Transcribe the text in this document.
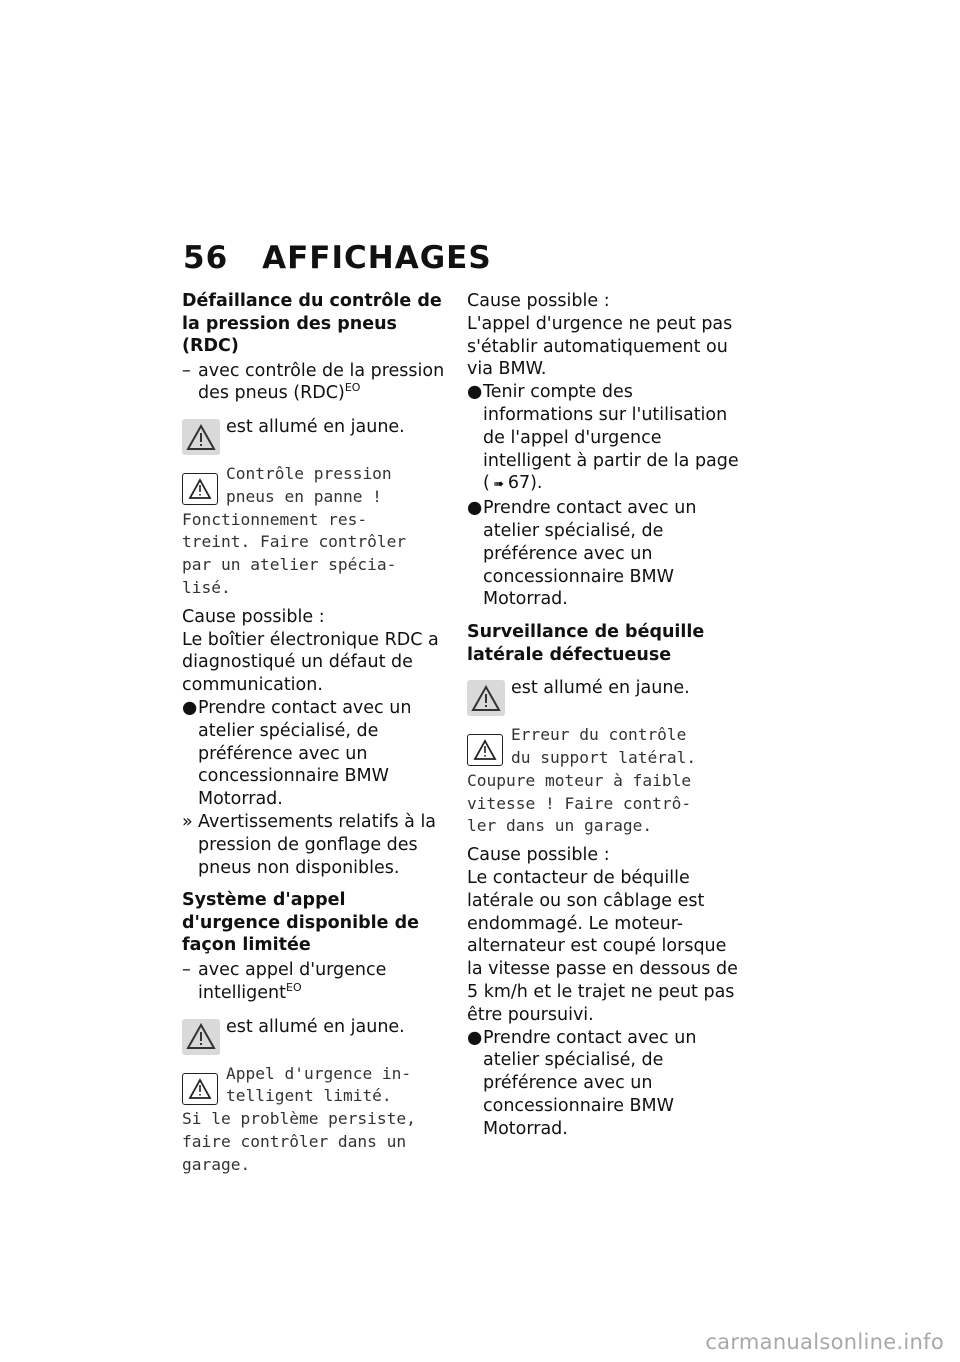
56 AFFICHAGES
Défaillance du contrôle de la pression des pneus (RDC)
– avec contrôle de la pression des pneus (RDC)$^{EO}$
est allumé en jaune.
Contrôle pression
pneus en panne !
Fonctionnement res-
treint. Faire contrôler
par un atelier spécia-
lisé.
Cause possible :
Le boîtier électronique RDC a diagnostiqué un défaut de communication.
● Prendre contact avec un atelier spécialisé, de préférence avec un concessionnaire BMW Motorrad.
» Avertissements relatifs à la pression de gonflage des pneus non disponibles.
Système d'appel d'urgence disponible de façon limitée
– avec appel d'urgence intelligent$^{EO}$
est allumé en jaune.
Appel d'urgence in-
telligent limité.
Si le problème persiste,
faire contrôler dans un
garage.
Cause possible :
L'appel d'urgence ne peut pas s'établir automatiquement ou via BMW.
● Tenir compte des informations sur l'utilisation de l'appel d'urgence intelligent à partir de la page ( ➠ 67).
● Prendre contact avec un atelier spécialisé, de préférence avec un concessionnaire BMW Motorrad.
Surveillance de béquille latérale défectueuse
est allumé en jaune.
Erreur du contrôle
du support latéral.
Coupure moteur à faible
vitesse ! Faire contrô-
ler dans un garage.
Cause possible :
Le contacteur de béquille latérale ou son câblage est endommagé. Le moteur-alternateur est coupé lorsque la vitesse passe en dessous de 5 km/h et le trajet ne peut pas être poursuivi.
● Prendre contact avec un atelier spécialisé, de préférence avec un concessionnaire BMW Motorrad.
carmanualsonline.info
